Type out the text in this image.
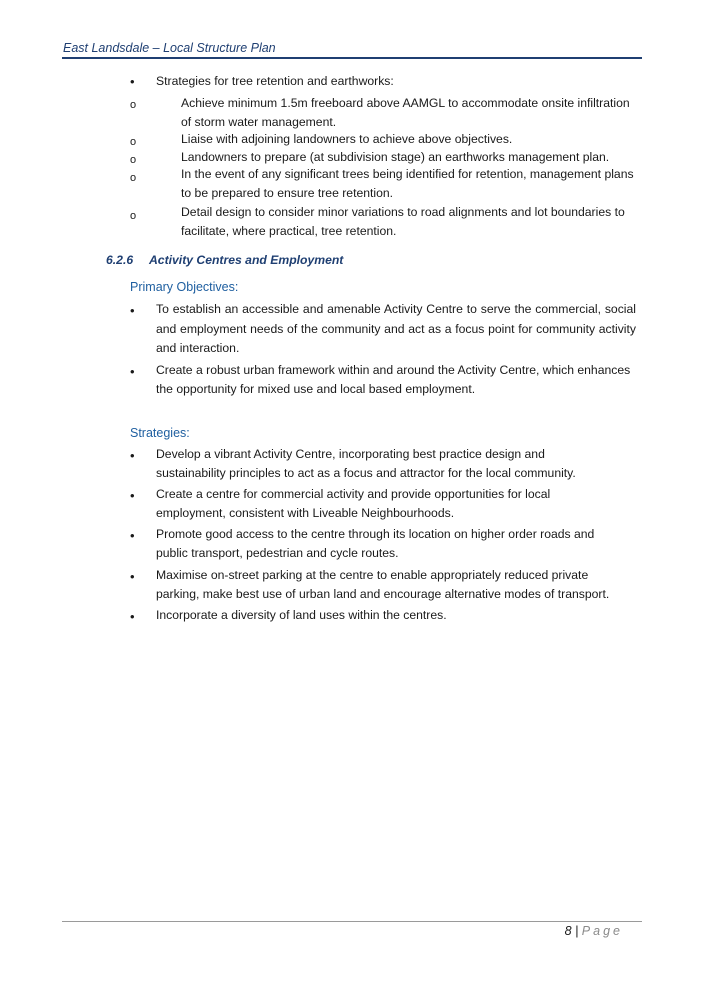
East Landsdale – Local Structure Plan
• Strategies for tree retention and earthworks:
o	Achieve minimum 1.5m freeboard above AAMGL to accommodate onsite infiltration of storm water management.
o	Liaise with adjoining landowners to achieve above objectives.
o	Landowners to prepare (at subdivision stage) an earthworks management plan.
o	In the event of any significant trees being identified for retention, management plans to be prepared to ensure tree retention.
o	Detail design to consider minor variations to road alignments and lot boundaries to facilitate, where practical, tree retention.
6.2.6 Activity Centres and Employment
Primary Objectives:
• To establish an accessible and amenable Activity Centre to serve the commercial, social and employment needs of the community and act as a focus point for community activity and interaction.
• Create a robust urban framework within and around the Activity Centre, which enhances the opportunity for mixed use and local based employment.
Strategies:
• Develop a vibrant Activity Centre, incorporating best practice design and sustainability principles to act as a focus and attractor for the local community.
• Create a centre for commercial activity and provide opportunities for local employment, consistent with Liveable Neighbourhoods.
• Promote good access to the centre through its location on higher order roads and public transport, pedestrian and cycle routes.
• Maximise on-street parking at the centre to enable appropriately reduced private parking, make best use of urban land and encourage alternative modes of transport.
• Incorporate a diversity of land uses within the centres.
8 | Page
